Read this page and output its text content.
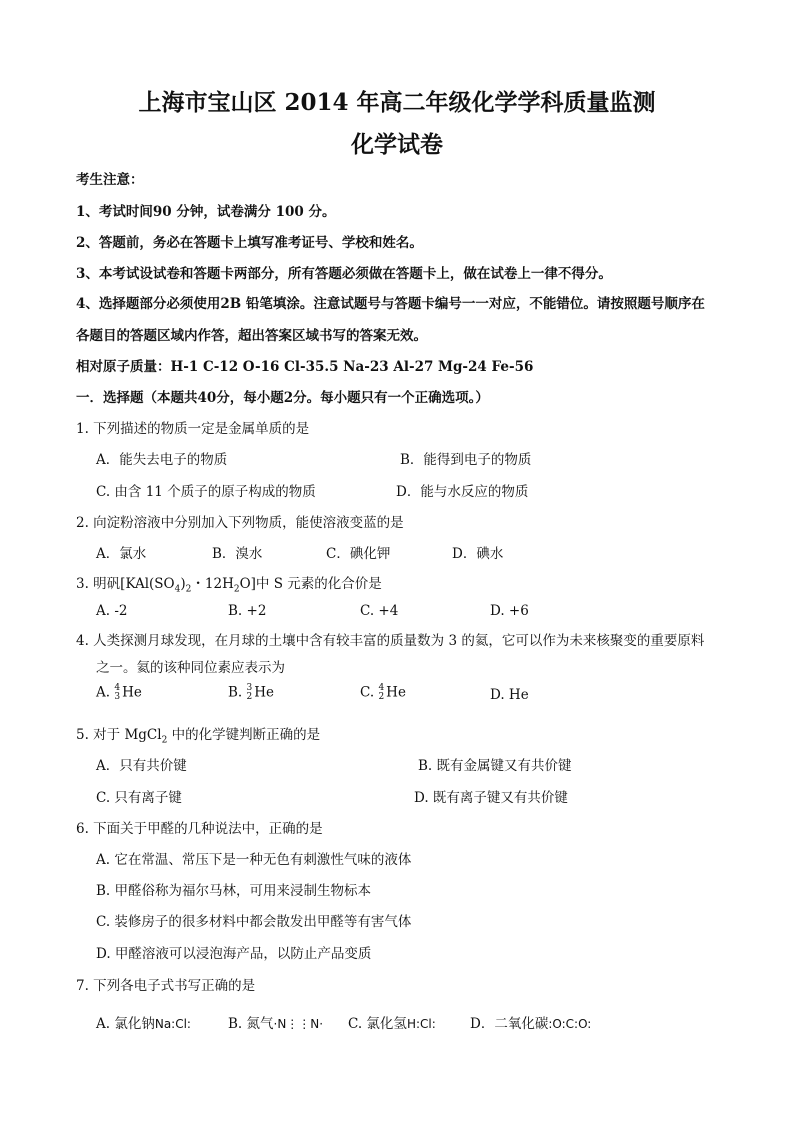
上海市宝山区 2014 年高二年级化学学科质量监测
化学试卷
考生注意：
1、考试时间90 分钟，试卷满分 100 分。
2、答题前，务必在答题卡上填写准考证号、学校和姓名。
3、本考试设试卷和答题卡两部分，所有答题必须做在答题卡上，做在试卷上一律不得分。
4、选择题部分必须使用2B 铅笔填涂。注意试题号与答题卡编号一一对应，不能错位。请按照题号顺序在
各题目的答题区域内作答，超出答案区域书写的答案无效。
相对原子质量：H-1 C-12 O-16 Cl-35.5 Na-23 Al-27 Mg-24 Fe-56
一．选择题（本题共40分，每小题2分。每小题只有一个正确选项。）
1. 下列描述的物质一定是金属单质的是
A．能失去电子的物质	B．能得到电子的物质
C. 由含 11 个质子的原子构成的物质	D．能与水反应的物质
2. 向淀粉溶液中分别加入下列物质，能使溶液变蓝的是
A．氯水	B．溴水	C．碘化钾	D．碘水
3. 明矾[$KAl(SO_4)_2$・$12H_2O$]中 S 元素的化合价是
A. -2	B. +2	C. +4	D. +6
4. 人类探测月球发现，在月球的土壤中含有较丰富的质量数为 3 的氦，它可以作为未来核聚变的重要原料
之一。氦的该种同位素应表示为
A. 4
3 He	B. 3
2 He	C. 4
2 He	D. He
5. 对于 MgCl$_2$ 中的化学键判断正确的是
A．只有共价键	B. 既有金属键又有共价键
C. 只有离子键	D. 既有离子键又有共价键
6. 下面关于甲醛的几种说法中，正确的是
A. 它在常温、常压下是一种无色有刺激性气味的液体
B. 甲醛俗称为福尔马林，可用来浸制生物标本
C. 装修房子的很多材料中都会散发出甲醛等有害气体
D. 甲醛溶液可以浸泡海产品，以防止产品变质
7. 下列各电子式书写正确的是
A. 氯化钠Na:Cl:	B. 氮气·N⋮⋮N· C. 氯化氢H:Cl:	D．二氧化碳:O:C:O:
